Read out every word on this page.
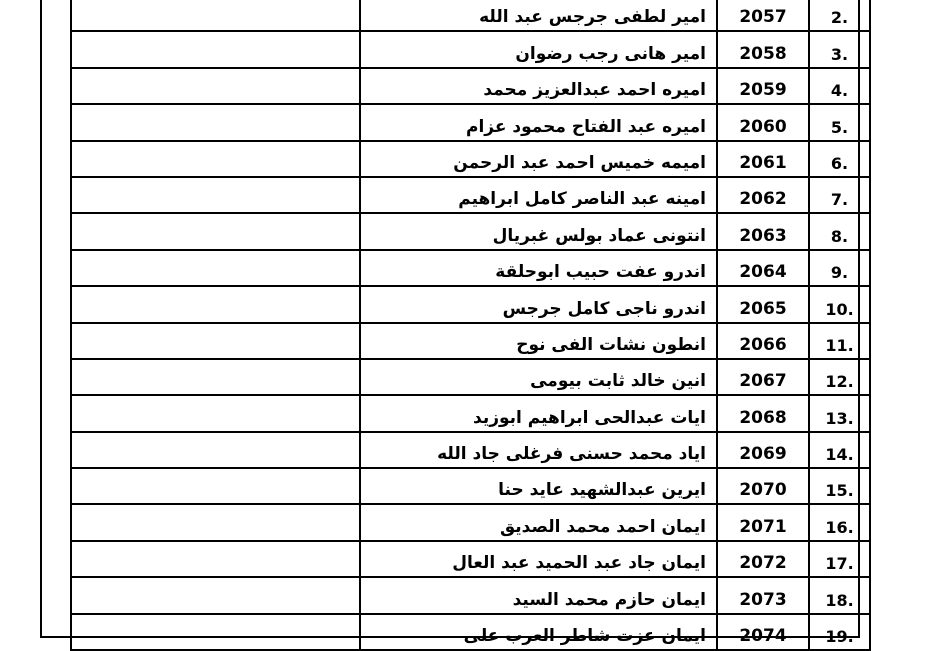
.2	2057	امير لطفى جرجس عبد الله	
.3	2058	امير هانى رجب رضوان	
.4	2059	اميره احمد عبدالعزيز محمد	
.5	2060	اميره عبد الفتاح محمود عزام	
.6	2061	اميمه خميس احمد عبد الرحمن	
.7	2062	امينه عبد الناصر كامل ابراهيم	
.8	2063	انتونى عماد بولس غبريال	
.9	2064	اندرو عفت حبيب ابوحلقة	
.10	2065	اندرو ناجى كامل جرجس	
.11	2066	انطون نشات الفى نوح	
.12	2067	انين خالد ثابت بيومى	
.13	2068	ايات عبدالحى ابراهيم ابوزيد	
.14	2069	اياد محمد حسنى فرغلى جاد الله	
.15	2070	ايرين عبدالشهيد عايد حنا	
.16	2071	ايمان احمد محمد الصديق	
.17	2072	ايمان جاد عبد الحميد عبد العال	
.18	2073	ايمان حازم محمد السيد	
.19	2074	ايمان عزت شاطر العرب على	
